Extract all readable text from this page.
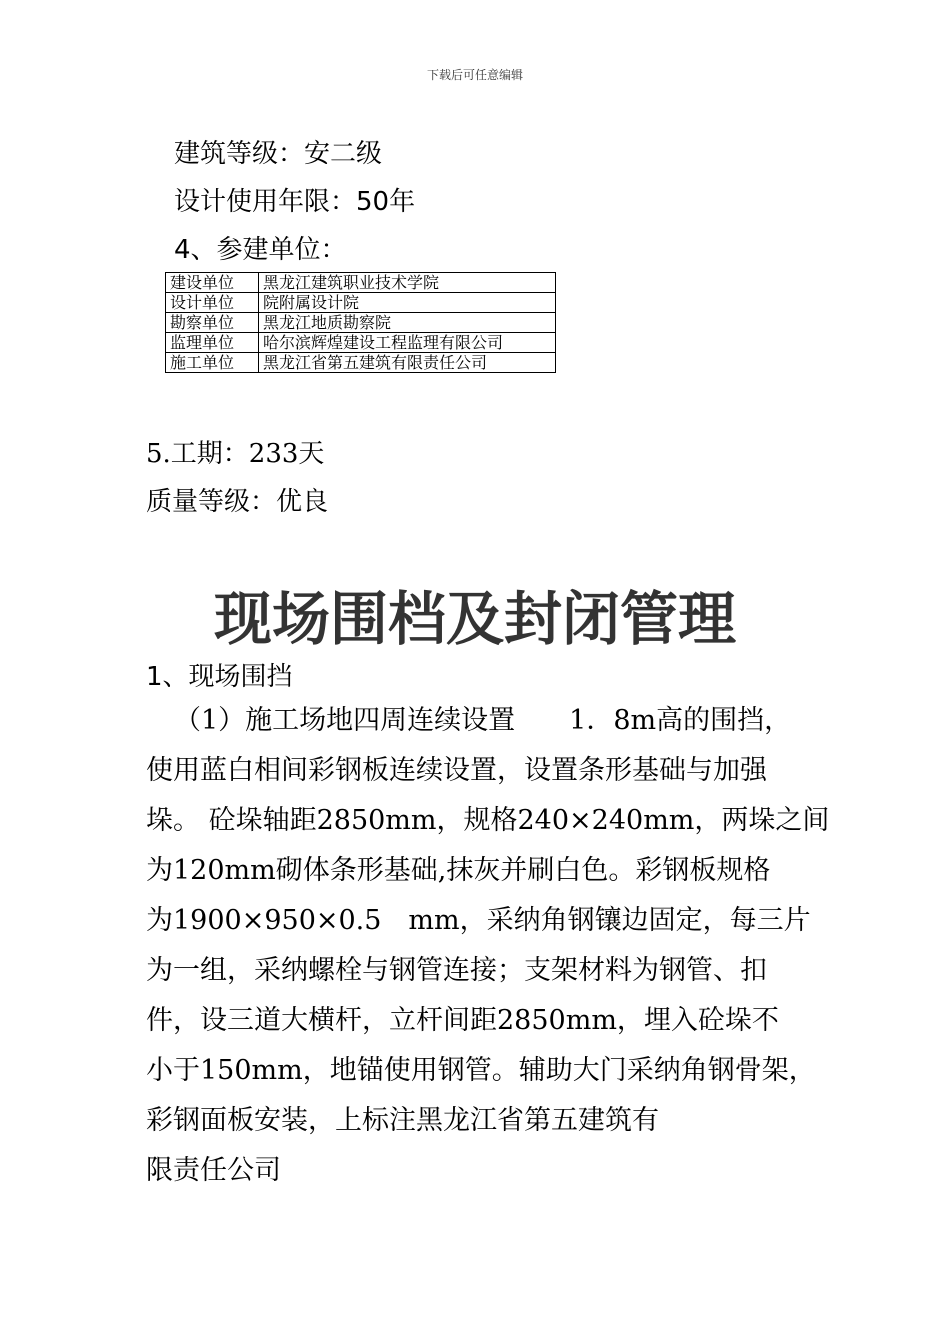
下载后可任意编辑
建筑等级：安二级
设计使用年限：50年
4、参建单位：
建设单位	黑龙江建筑职业技术学院
设计单位	院附属设计院
勘察单位	黑龙江地质勘察院
监理单位	哈尔滨辉煌建设工程监理有限公司
施工单位	黑龙江省第五建筑有限责任公司
5.工期：233天
质量等级：优良
现场围档及封闭管理
1、现场围挡
（1）施工场地四周连续设置　　1．8m高的围挡，
使用蓝白相间彩钢板连续设置，设置条形基础与加强
垛。 砼垛轴距2850mm，规格240×240mm，两垛之间
为120mm砌体条形基础,抹灰并刷白色。彩钢板规格
为1900×950×0.5　mm，采纳角钢镶边固定，每三片
为一组，采纳螺栓与钢管连接；支架材料为钢管、扣
件，设三道大横杆，立杆间距2850mm，埋入砼垛不
小于150mm，地锚使用钢管。辅助大门采纳角钢骨架，
彩钢面板安装，上标注黑龙江省第五建筑有
限责任公司
